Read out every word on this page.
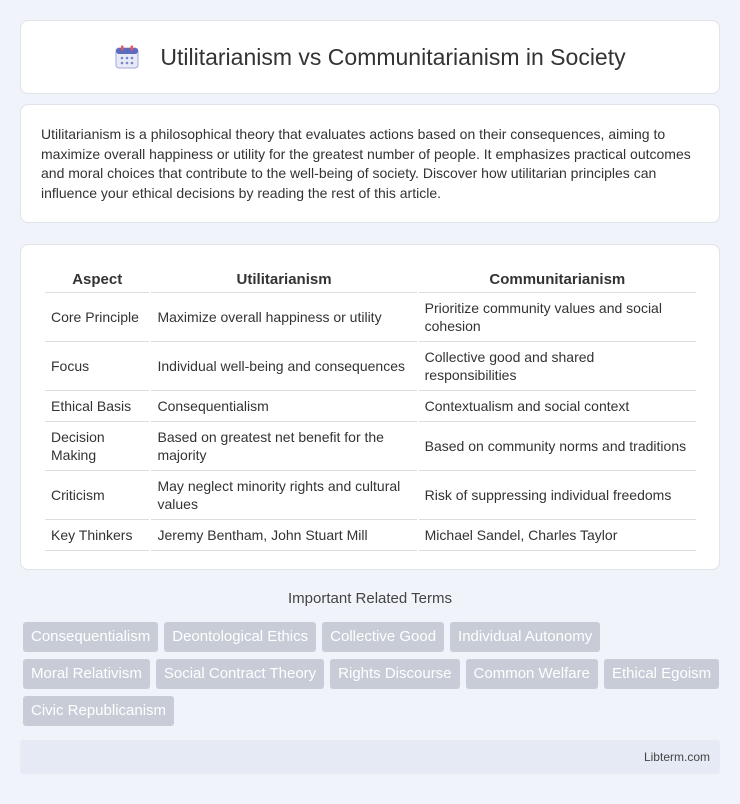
Utilitarianism vs Communitarianism in Society

Utilitarianism is a philosophical theory that evaluates actions based on their consequences, aiming to maximize overall happiness or utility for the greatest number of people. It emphasizes practical outcomes and moral choices that contribute to the well-being of society. Discover how utilitarian principles can influence your ethical decisions by reading the rest of this article.

Aspect	Utilitarianism	Communitarianism
Core Principle	Maximize overall happiness or utility	Prioritize community values and social cohesion
Focus	Individual well-being and consequences	Collective good and shared responsibilities
Ethical Basis	Consequentialism	Contextualism and social context
Decision Making	Based on greatest net benefit for the majority	Based on community norms and traditions
Criticism	May neglect minority rights and cultural values	Risk of suppressing individual freedoms
Key Thinkers	Jeremy Bentham, John Stuart Mill	Michael Sandel, Charles Taylor
Important Related Terms
Consequentialism	Deontological Ethics	Collective Good	Individual Autonomy
Moral Relativism	Social Contract Theory	Rights Discourse	Common Welfare	Ethical Egoism
Civic Republicanism
Libterm.com
